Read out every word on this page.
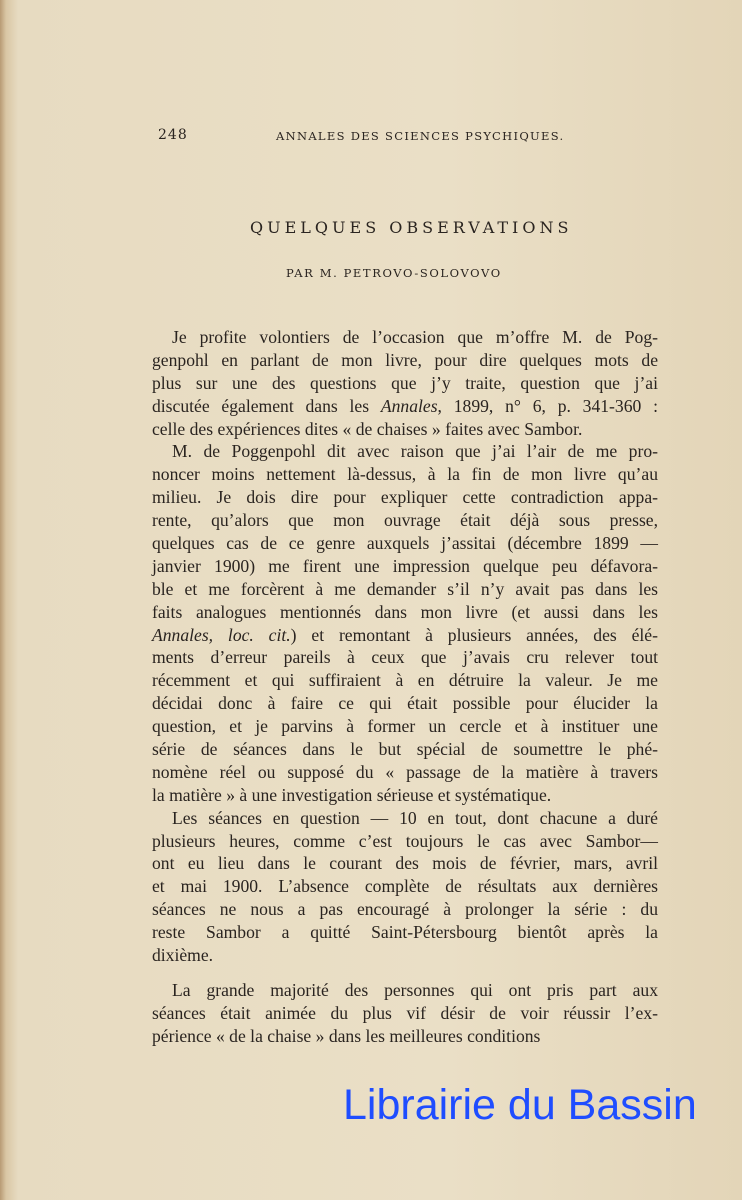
248	ANNALES DES SCIENCES PSYCHIQUES.
QUELQUES OBSERVATIONS
PAR M. PETROVO-SOLOVOVO
Je profite volontiers de l’occasion que m’offre M. de Pog-
genpohl en parlant de mon livre, pour dire quelques mots de
plus sur une des questions que j’y traite, question que j’ai
discutée également dans les Annales, 1899, n° 6, p. 341-360 :
celle des expériences dites « de chaises » faites avec Sambor.
M. de Poggenpohl dit avec raison que j’ai l’air de me pro-
noncer moins nettement là-dessus, à la fin de mon livre qu’au
milieu. Je dois dire pour expliquer cette contradiction appa-
rente, qu’alors que mon ouvrage était déjà sous presse,
quelques cas de ce genre auxquels j’assitai (décembre 1899 —
janvier 1900) me firent une impression quelque peu défavora-
ble et me forcèrent à me demander s’il n’y avait pas dans les
faits analogues mentionnés dans mon livre (et aussi dans les
Annales, loc. cit.) et remontant à plusieurs années, des élé-
ments d’erreur pareils à ceux que j’avais cru relever tout
récemment et qui suffiraient à en détruire la valeur. Je me
décidai donc à faire ce qui était possible pour élucider la
question, et je parvins à former un cercle et à instituer une
série de séances dans le but spécial de soumettre le phé-
nomène réel ou supposé du « passage de la matière à travers
la matière » à une investigation sérieuse et systématique.
Les séances en question — 10 en tout, dont chacune a duré
plusieurs heures, comme c’est toujours le cas avec Sambor—
ont eu lieu dans le courant des mois de février, mars, avril
et mai 1900. L’absence complète de résultats aux dernières
séances ne nous a pas encouragé à prolonger la série : du
reste Sambor a quitté Saint-Pétersbourg bientôt après la
dixième.
La grande majorité des personnes qui ont pris part aux
séances était animée du plus vif désir de voir réussir l’ex-
périence « de la chaise » dans les meilleures conditions
Librairie du Bassin
